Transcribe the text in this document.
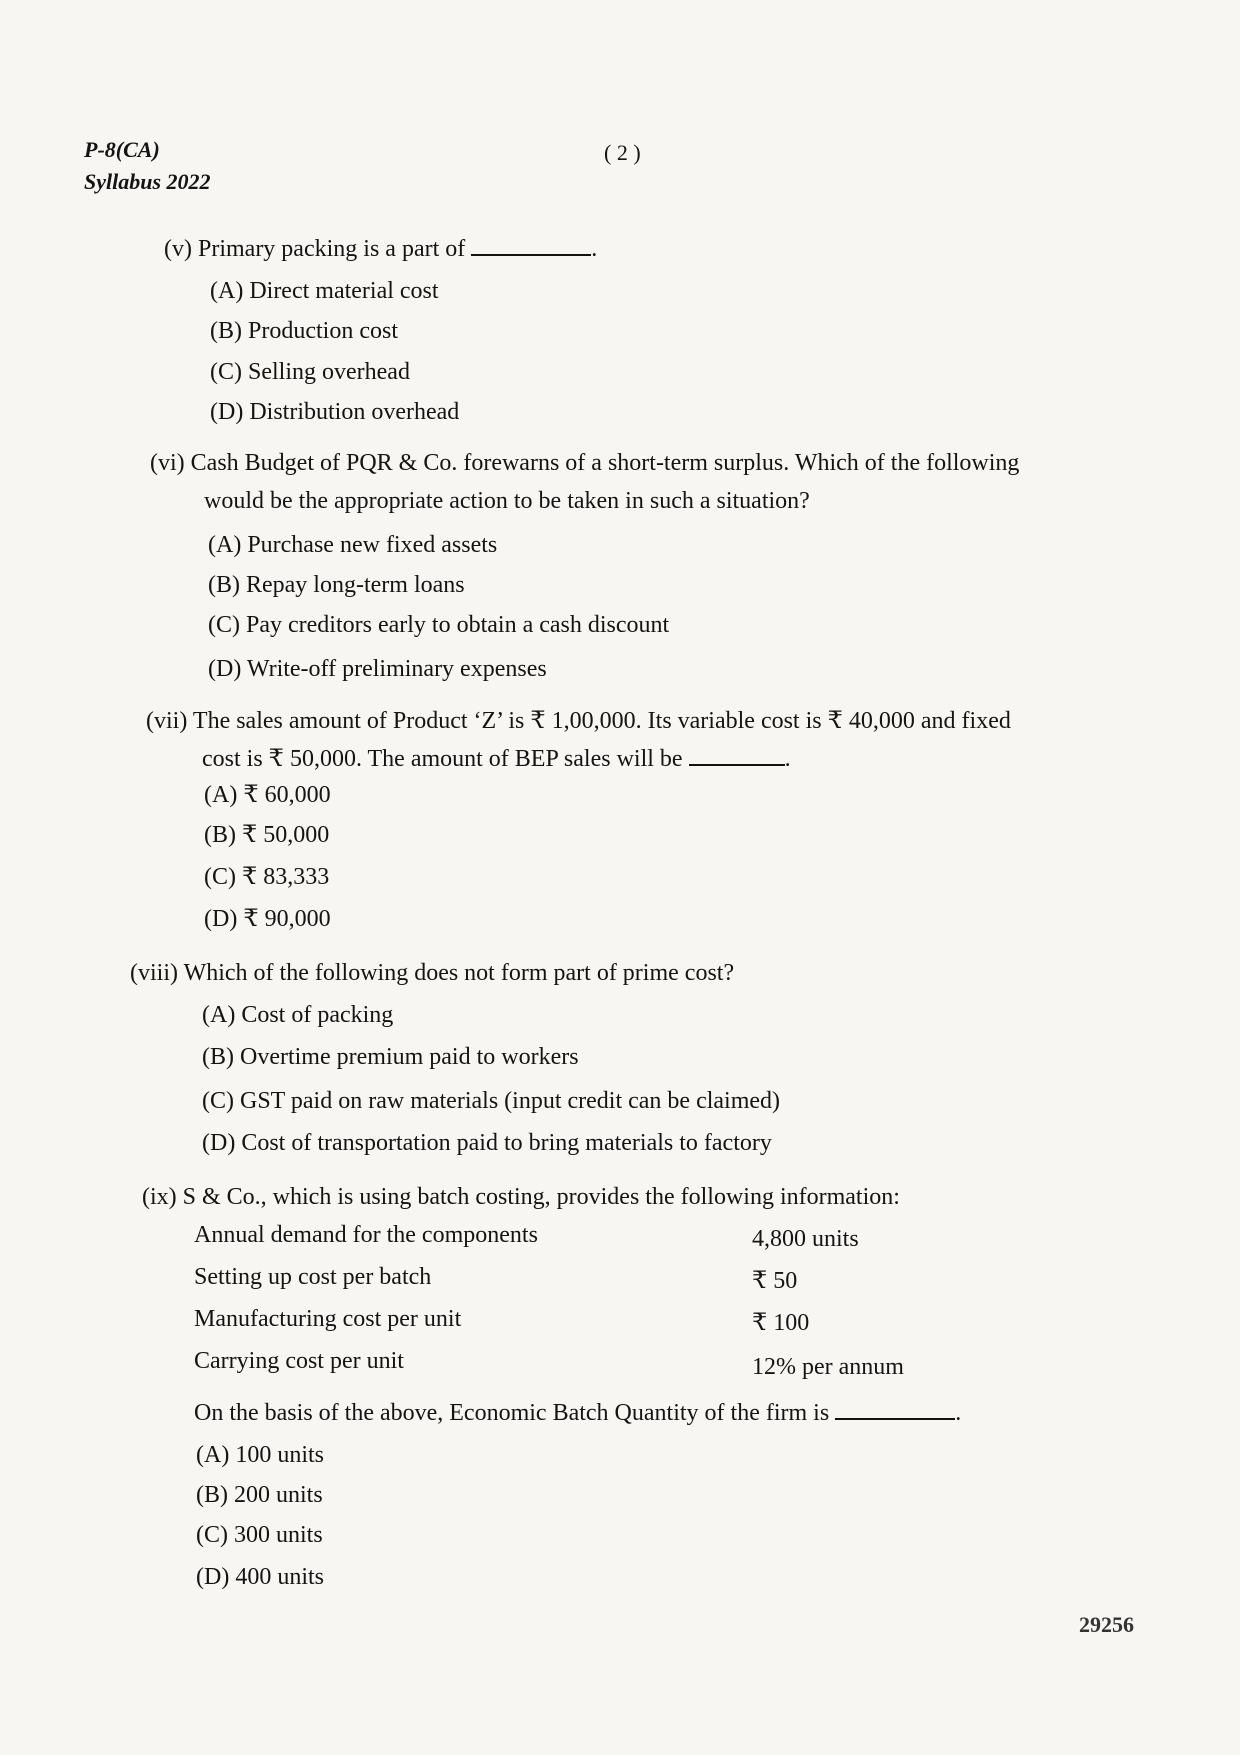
P-8(CA)
Syllabus 2022
( 2 )
(v) Primary packing is a part of	.
(A) Direct material cost
(B) Production cost
(C) Selling overhead
(D) Distribution overhead
(vi) Cash Budget of PQR & Co. forewarns of a short-term surplus. Which of the following
would be the appropriate action to be taken in such a situation?
(A) Purchase new fixed assets
(B) Repay long-term loans
(C) Pay creditors early to obtain a cash discount
(D) Write-off preliminary expenses
(vii) The sales amount of Product ‘Z’ is ₹ 1,00,000. Its variable cost is ₹ 40,000 and fixed
cost is ₹ 50,000. The amount of BEP sales will be	.
(A) ₹ 60,000
(B) ₹ 50,000
(C) ₹ 83,333
(D) ₹ 90,000
(viii) Which of the following does not form part of prime cost?
(A) Cost of packing
(B) Overtime premium paid to workers
(C) GST paid on raw materials (input credit can be claimed)
(D) Cost of transportation paid to bring materials to factory
(ix) S & Co., which is using batch costing, provides the following information:
Annual demand for the components	4,800 units
Setting up cost per batch	₹ 50
Manufacturing cost per unit	₹ 100
Carrying cost per unit	12% per annum
On the basis of the above, Economic Batch Quantity of the firm is	.
(A) 100 units
(B) 200 units
(C) 300 units
(D) 400 units
29256
